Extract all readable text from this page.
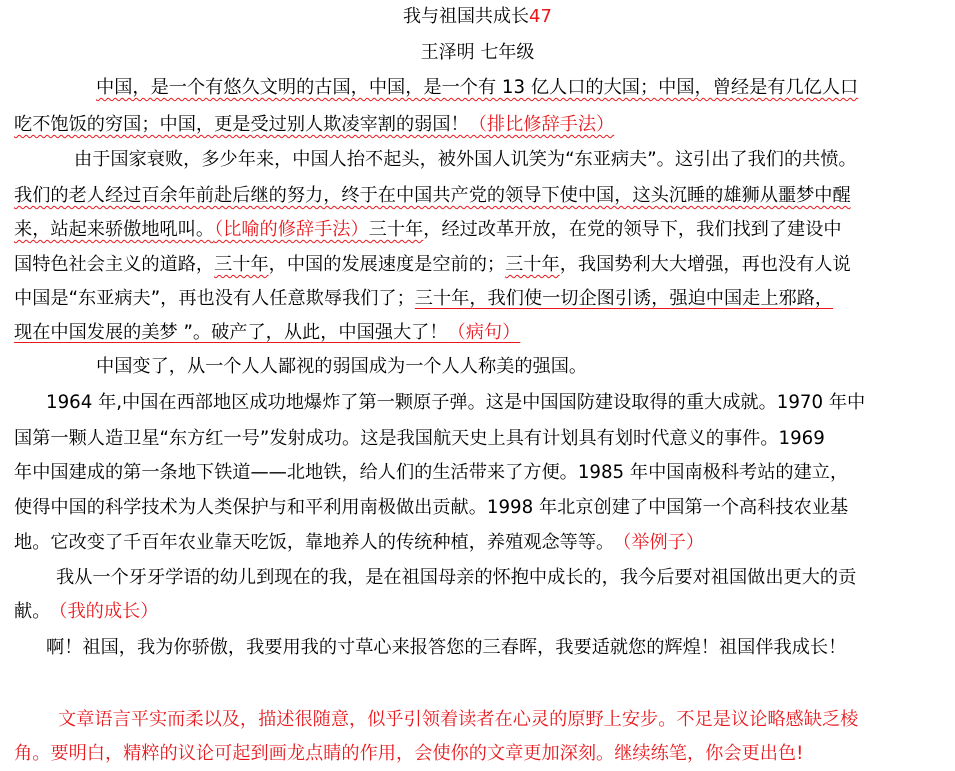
我与祖国共成长47
王泽明 七年级
中国，是一个有悠久文明的古国，中国，是一个有 13 亿人口的大国；中国，曾经是有几亿人口
吃不饱饭的穷国；中国，更是受过别人欺凌宰割的弱国！（排比修辞手法）
由于国家衰败，多少年来，中国人抬不起头，被外国人讥笑为“东亚病夫”。这引出了我们的共愤。
我们的老人经过百余年前赴后继的努力，终于在中国共产党的领导下使中国，这头沉睡的雄狮从噩梦中醒
来，站起来骄傲地吼叫。（比喻的修辞手法）三十年，经过改革开放，在党的领导下，我们找到了建设中
国特色社会主义的道路，三十年，中国的发展速度是空前的；三十年，我国势利大大增强，再也没有人说
中国是“东亚病夫”，再也没有人任意欺辱我们了；三十年，我们使一切企图引诱，强迫中国走上邪路，
现在中国发展的美梦 ”。破产了，从此，中国强大了！（病句）
中国变了，从一个人人鄙视的弱国成为一个人人称美的强国。
1964 年,中国在西部地区成功地爆炸了第一颗原子弹。这是中国国防建设取得的重大成就。1970 年中
国第一颗人造卫星“东方红一号”发射成功。这是我国航天史上具有计划具有划时代意义的事件。1969
年中国建成的第一条地下铁道——北地铁，给人们的生活带来了方便。1985 年中国南极科考站的建立，
使得中国的科学技术为人类保护与和平利用南极做出贡献。1998 年北京创建了中国第一个高科技农业基
地。它改变了千百年农业靠天吃饭，靠地养人的传统种植，养殖观念等等。 （举例子）
我从一个牙牙学语的幼儿到现在的我，是在祖国母亲的怀抱中成长的，我今后要对祖国做出更大的贡
献。 （我的成长）
啊！祖国，我为你骄傲，我要用我的寸草心来报答您的三春晖，我要适就您的辉煌！祖国伴我成长！
文章语言平实而柔以及，描述很随意，似乎引领着读者在心灵的原野上安步。不足是议论略感缺乏棱
角。要明白，精粹的议论可起到画龙点睛的作用，会使你的文章更加深刻。继续练笔，你会更出色!
